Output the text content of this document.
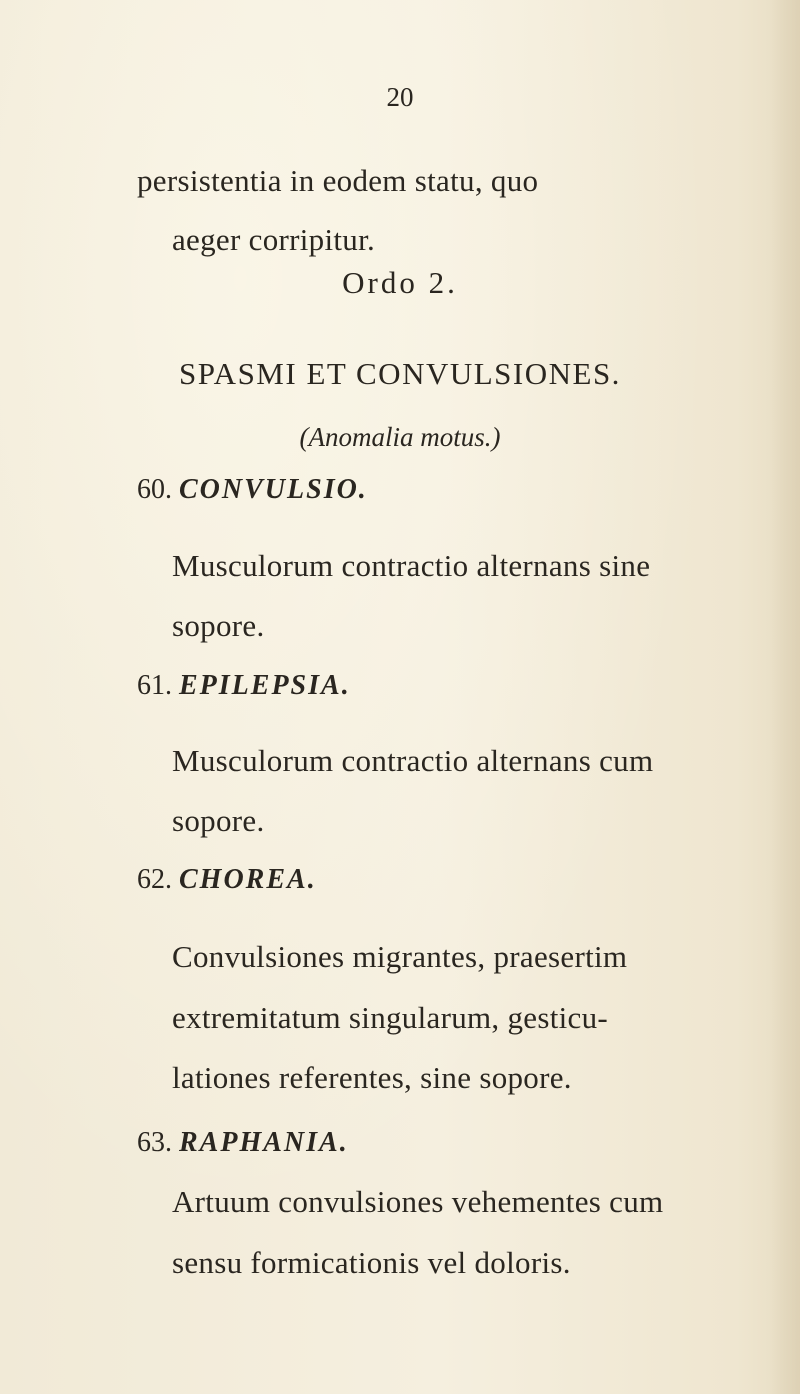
20
persistentia in eodem statu, quo
aeger corripitur.
Ordo 2.
SPASMI ET CONVULSIONES.
(Anomalia motus.)
60. CONVULSIO.
Musculorum contractio alternans sine
sopore.
61. EPILEPSIA.
Musculorum contractio alternans cum
sopore.
62. CHOREA.
Convulsiones migrantes, praesertim
extremitatum singularum, gesticu-
lationes referentes, sine sopore.
63. RAPHANIA.
Artuum convulsiones vehementes cum
sensu formicationis vel doloris.
